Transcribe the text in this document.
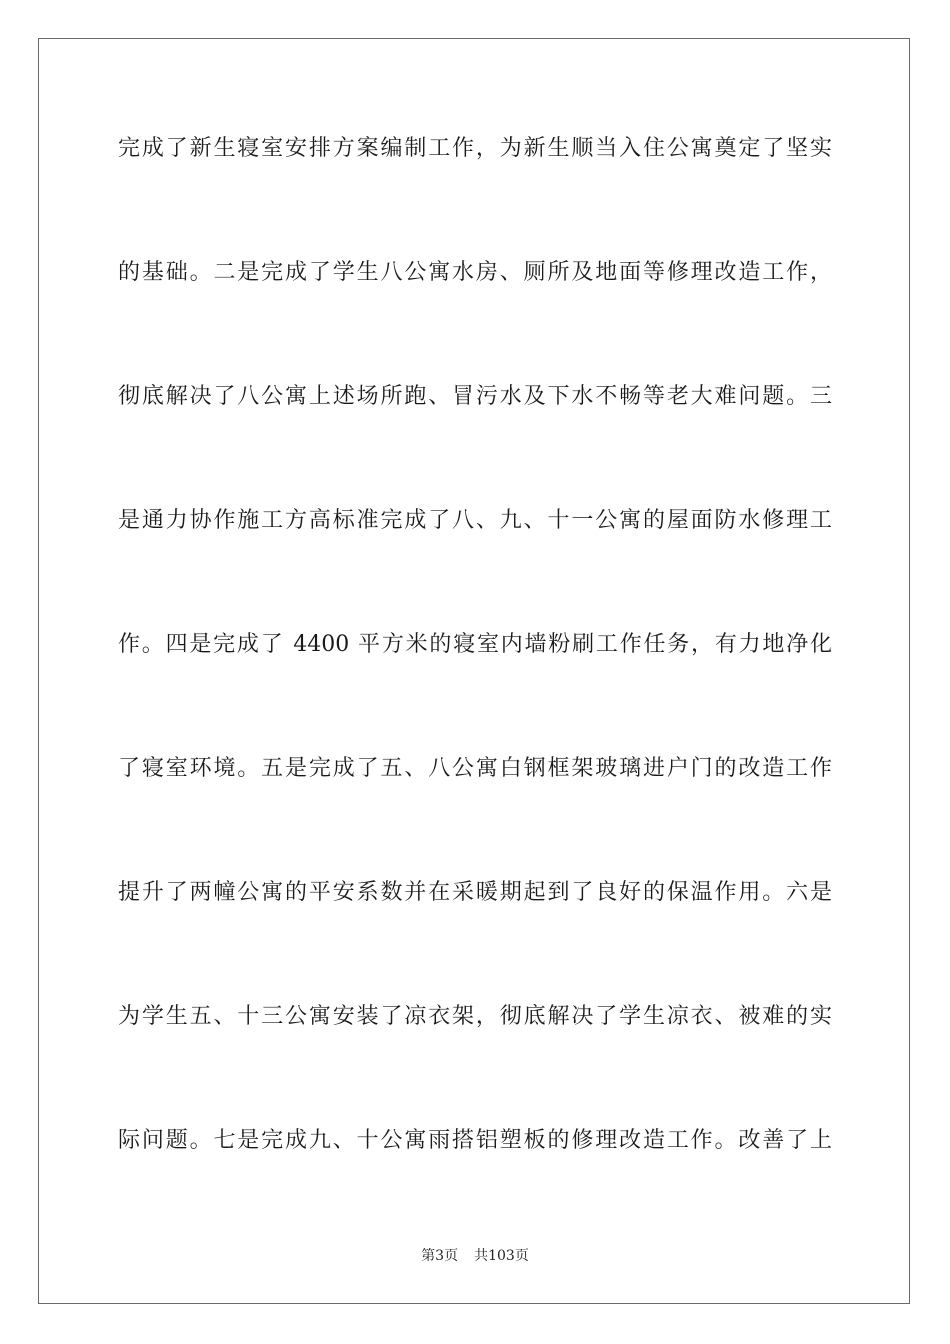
完成了新生寝室安排方案编制工作，为新生顺当入住公寓奠定了坚实
的基础。二是完成了学生八公寓水房、厕所及地面等修理改造工作，
彻底解决了八公寓上述场所跑、冒污水及下水不畅等老大难问题。三
是通力协作施工方高标准完成了八、九、十一公寓的屋面防水修理工
作。四是完成了 4400 平方米的寝室内墙粉刷工作任务，有力地净化
了寝室环境。五是完成了五、八公寓白钢框架玻璃进户门的改造工作
提升了两幢公寓的平安系数并在采暖期起到了良好的保温作用。六是
为学生五、十三公寓安装了凉衣架，彻底解决了学生凉衣、被难的实
际问题。七是完成九、十公寓雨搭铝塑板的修理改造工作。改善了上
第3页 共103页
